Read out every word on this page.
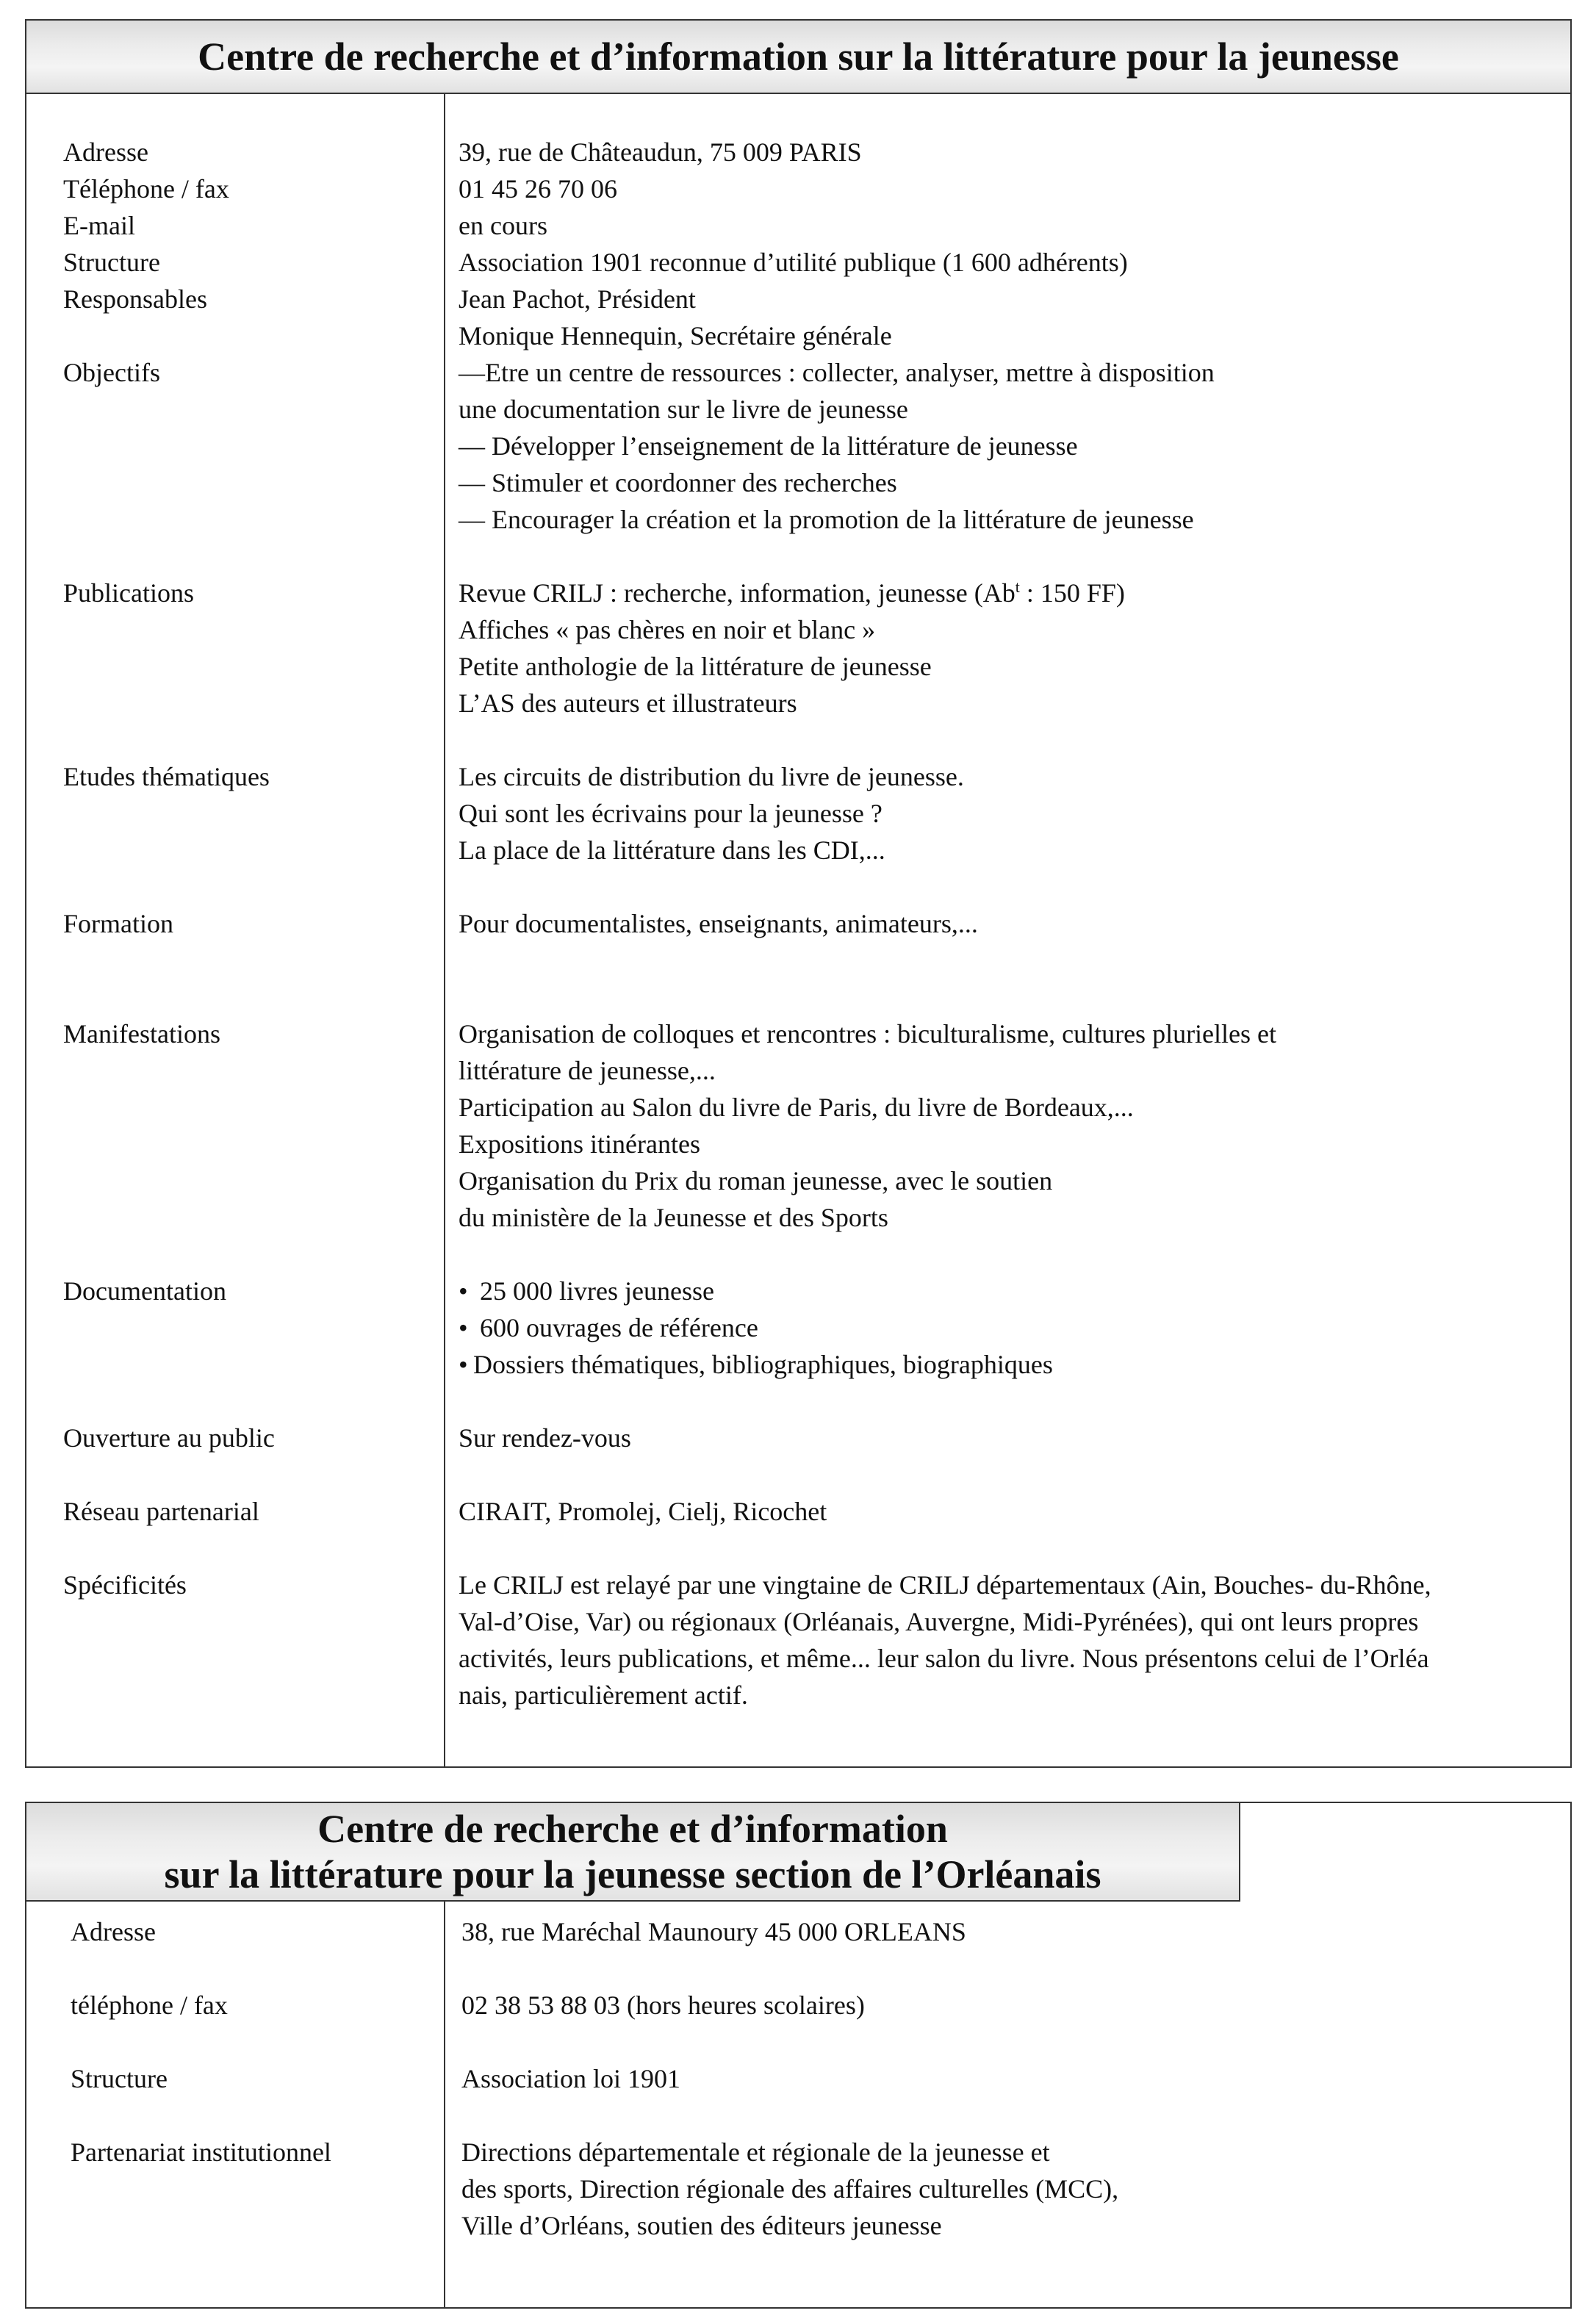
Centre de recherche et d’information sur la littérature pour la jeunesse
Adresse	39, rue de Châteaudun, 75 009 PARIS
Téléphone / fax	01 45 26 70 06
E-mail	en cours
Structure	Association 1901 reconnue d’utilité publique (1 600 adhérents)
Responsables	Jean Pachot, Président
Monique Hennequin, Secrétaire générale
Objectifs	—Etre un centre de ressources : collecter, analyser, mettre à disposition
une documentation sur le livre de jeunesse
— Développer l’enseignement de la littérature de jeunesse
— Stimuler et coordonner des recherches
— Encourager la création et la promotion de la littérature de jeunesse
Publications	Revue CRILJ : recherche, information, jeunesse (Ab$^t$ : 150 FF)
Affiches « pas chères en noir et blanc »
Petite anthologie de la littérature de jeunesse
L’AS des auteurs et illustrateurs
Etudes thématiques	Les circuits de distribution du livre de jeunesse.
Qui sont les écrivains pour la jeunesse ?
La place de la littérature dans les CDI,...
Formation	Pour documentalistes, enseignants, animateurs,...
Manifestations	Organisation de colloques et rencontres : biculturalisme, cultures plurielles et
littérature de jeunesse,...
Participation au Salon du livre de Paris, du livre de Bordeaux,...
Expositions itinérantes
Organisation du Prix du roman jeunesse, avec le soutien
du ministère de la Jeunesse et des Sports
Documentation	• 25 000 livres jeunesse
• 600 ouvrages de référence
• Dossiers thématiques, bibliographiques, biographiques
Ouverture au public	Sur rendez-vous
Réseau partenarial	CIRAIT, Promolej, Cielj, Ricochet
Spécificités	Le CRILJ est relayé par une vingtaine de CRILJ départementaux (Ain, Bouches- du-Rhône,
Val-d’Oise, Var) ou régionaux (Orléanais, Auvergne, Midi-Pyrénées), qui ont leurs propres
activités, leurs publications, et même... leur salon du livre. Nous présentons celui de l’Orléa
nais, particulièrement actif.
Centre de recherche et d’information
sur la littérature pour la jeunesse section de l’Orléanais
Adresse	38, rue Maréchal Maunoury 45 000 ORLEANS
téléphone / fax	02 38 53 88 03 (hors heures scolaires)
Structure	Association loi 1901
Partenariat institutionnel	Directions départementale et régionale de la jeunesse et
des sports, Direction régionale des affaires culturelles (MCC),
Ville d’Orléans, soutien des éditeurs jeunesse
